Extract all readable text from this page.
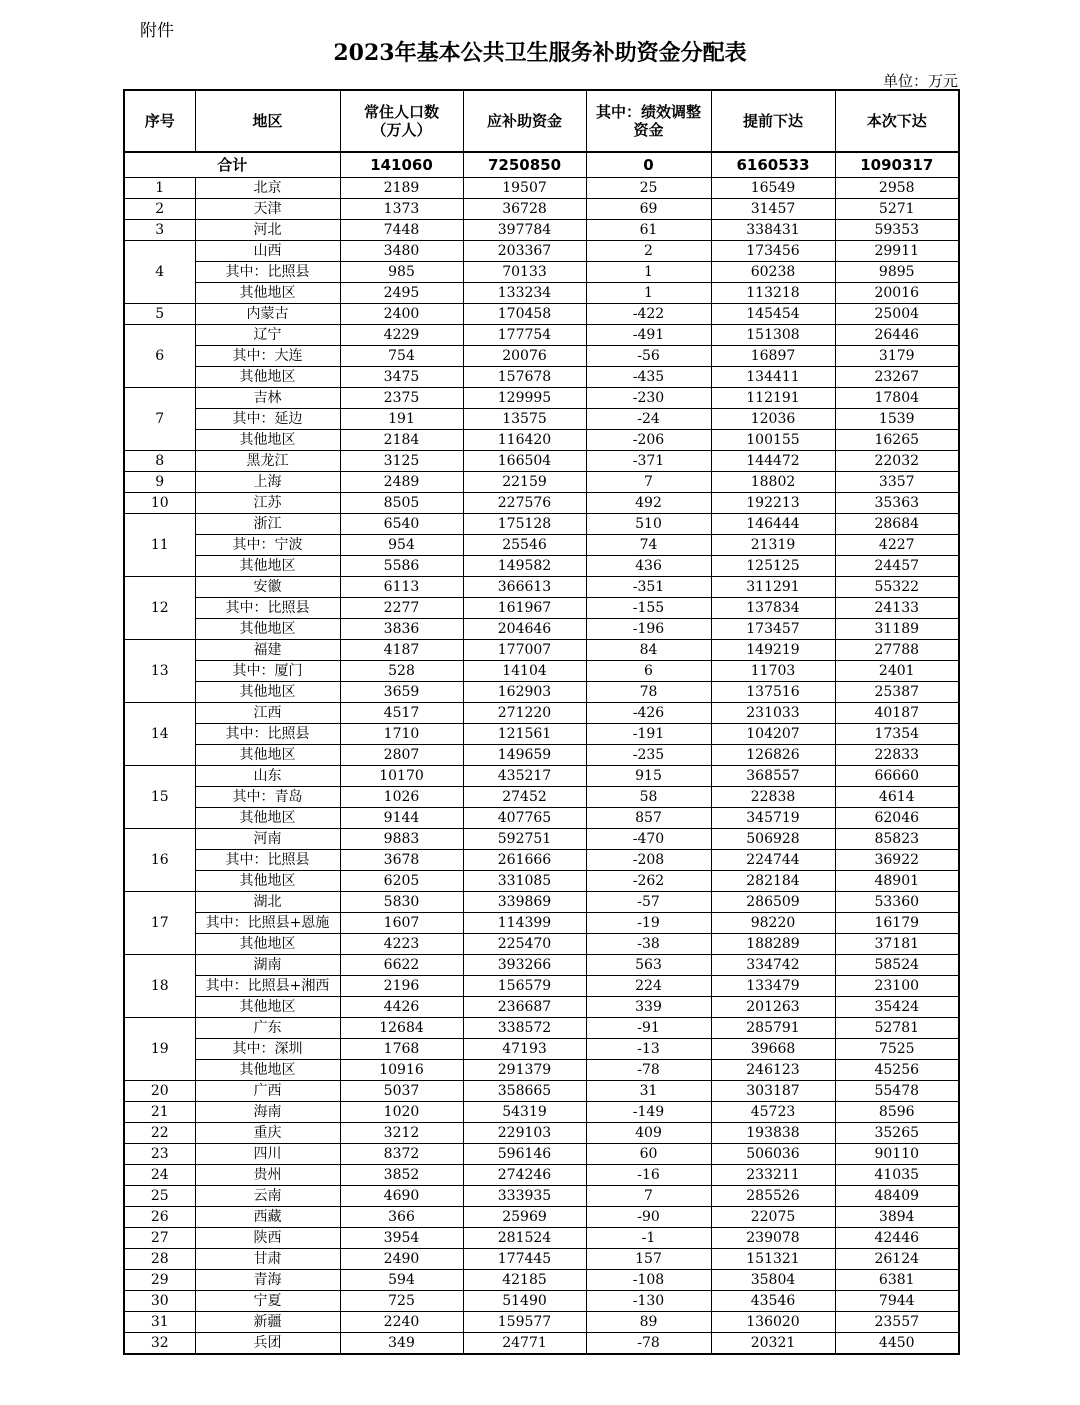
附件
2023年基本公共卫生服务补助资金分配表
单位：万元
序号	地区	常住人口数（万人）	应补助资金	其中：绩效调整资金	提前下达	本次下达
合计		141060	7250850	0	6160533	1090317
1	北京	2189	19507	25	16549	2958
2	天津	1373	36728	69	31457	5271
3	河北	7448	397784	61	338431	59353
4	山西	3480	203367	2	173456	29911
	其中：比照县	985	70133	1	60238	9895
	其他地区	2495	133234	1	113218	20016
5	内蒙古	2400	170458	-422	145454	25004
6	辽宁	4229	177754	-491	151308	26446
	其中：大连	754	20076	-56	16897	3179
	其他地区	3475	157678	-435	134411	23267
7	吉林	2375	129995	-230	112191	17804
	其中：延边	191	13575	-24	12036	1539
	其他地区	2184	116420	-206	100155	16265
8	黑龙江	3125	166504	-371	144472	22032
9	上海	2489	22159	7	18802	3357
10	江苏	8505	227576	492	192213	35363
11	浙江	6540	175128	510	146444	28684
	其中：宁波	954	25546	74	21319	4227
	其他地区	5586	149582	436	125125	24457
12	安徽	6113	366613	-351	311291	55322
	其中：比照县	2277	161967	-155	137834	24133
	其他地区	3836	204646	-196	173457	31189
13	福建	4187	177007	84	149219	27788
	其中：厦门	528	14104	6	11703	2401
	其他地区	3659	162903	78	137516	25387
14	江西	4517	271220	-426	231033	40187
	其中：比照县	1710	121561	-191	104207	17354
	其他地区	2807	149659	-235	126826	22833
15	山东	10170	435217	915	368557	66660
	其中：青岛	1026	27452	58	22838	4614
	其他地区	9144	407765	857	345719	62046
16	河南	9883	592751	-470	506928	85823
	其中：比照县	3678	261666	-208	224744	36922
	其他地区	6205	331085	-262	282184	48901
17	湖北	5830	339869	-57	286509	53360
	其中：比照县+恩施	1607	114399	-19	98220	16179
	其他地区	4223	225470	-38	188289	37181
18	湖南	6622	393266	563	334742	58524
	其中：比照县+湘西	2196	156579	224	133479	23100
	其他地区	4426	236687	339	201263	35424
19	广东	12684	338572	-91	285791	52781
	其中：深圳	1768	47193	-13	39668	7525
	其他地区	10916	291379	-78	246123	45256
20	广西	5037	358665	31	303187	55478
21	海南	1020	54319	-149	45723	8596
22	重庆	3212	229103	409	193838	35265
23	四川	8372	596146	60	506036	90110
24	贵州	3852	274246	-16	233211	41035
25	云南	4690	333935	7	285526	48409
26	西藏	366	25969	-90	22075	3894
27	陕西	3954	281524	-1	239078	42446
28	甘肃	2490	177445	157	151321	26124
29	青海	594	42185	-108	35804	6381
30	宁夏	725	51490	-130	43546	7944
31	新疆	2240	159577	89	136020	23557
32	兵团	349	24771	-78	20321	4450
